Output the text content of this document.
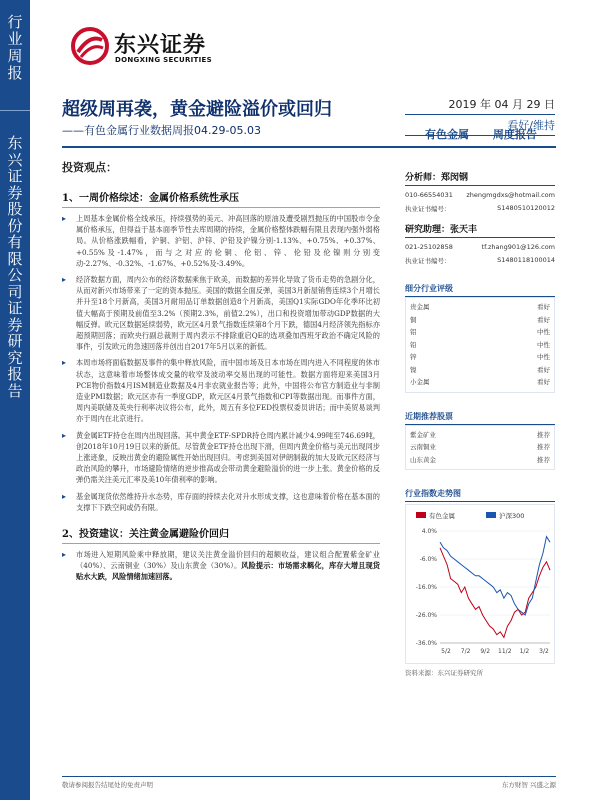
行
业
周
报
东
兴
证
券
股
份
有
限
公
司
证
券
研
究
报
告
东兴证券
DONGXING SECURITIES
超级周再袭，黄金避险溢价或回归
——有色金属行业数据周报04.29-05.03
2019 年 04 月 29 日
看好/维持
有色金属 周度报告
投资观点：
1、一周价格综述：金属价格系统性承压
▸ 上周基本金属价格全线承压，持续强势的美元、冲高回落的原油及遭受剧烈抛压的中国股市令金属价格承压，但得益于基本面季节性去库周期的持续，金属价格整体跌幅有限且表现内强外弱格局。从价格涨跌幅看，沪铜、沪铝、沪锌、沪铅及沪镍分别-1.13%、+0.75%、+0.37%、+0.55%及-1.47%，而与之对应的伦铜、伦铝、锌、伦铅及伦镍则分别变动-2.27%、-0.32%、-1.67%、+0.52%及-3.49%。
▸ 经济数据方面，周内公布的经济数据乘焦于欧美，而数据的差异化导致了货币走势的急剧分化，从而对新兴市场带来了一定的资本抛压。美国的数据全面反弹，美国3月新屋销售连续3个月增长并升至18个月新高，美国3月耐用品订单数据创造8个月新高，美国Q1实际GDO年化季环比初值大幅高于预期及前值至3.2%（预期2.3%，前值2.2%），出口和投资增加带动GDP数据的大幅反弹。欧元区数据延续弱势，欧元区4月景气指数连续第8个月下跌，德国4月经济领先指标亦超预期回落；而欧央行副总裁则于周内表示不排除重启QE的选项叠加西班牙政治不确定风险的事件，引发欧元的急速回落并创出自2017年5月以来的新低。
▸ 本周市场将面临数据及事件的集中释放风险，而中国市场及日本市场在周内进入不同程度的休市状态，这意味着市场整体成交量的收窄及波动率交易出现的可能性。数据方面将迎来美国3月PCE物价指数4月ISM制造业数据及4月非农就业报告等；此外，中国将公布官方制造业与非制造业PMI数据；欧元区亦有一季度GDP，欧元区4月景气指数和CPI等数据出现。而事件方面，周内美联储及英央行利率决议将公布，此外，周五有多位FED投票权委员讲话；而中美贸易谈判亦于周内在北京进行。
▸ 黄金属ETF持仓在周内出现回落。其中黄金ETF-SPDR持仓周内累计减少4.99吨至746.69吨，创2018年10月19日以来的新低。尽管黄金ETF持仓出现下滑，但周内黄金价格与美元出现同步上涨迹象，反映出黄金的避险属性开始出现回归。考虑到美国对伊朗制裁的加大及欧元区经济与政治风险的攀升，市场避险情绪的逆步推高或会带动黄金避险溢价的进一步上张。黄金价格的反弹仍需关注美元汇率及美10年债利率的影响。
▸ 基金属现货依然维持升水态势，库存面的持续去化对升水形成支撑，这也意味着价格在基本面的支撑下下跌空间或仍有限。
2、投资建议：关注黄金属避险价回归
▸ 市场进入短期风险乘中释放期，建议关注黄金溢价回归的超额收益，建议组合配置紫金矿业（40%）、云南铜业（30%）及山东黄金（30%）。风险提示：市场需求羁化，库存大增且现货贴水大跌，风险情绪加速回落。
分析师：郑闵钢
010-66554031 zhengmgdxs@hotmail.com
执业证书编号：	S1480510120012
研究助理：张天丰
021-25102858	tf.zhang901@126.com
执业证书编号：	S1480118100014
细分行业评级
贵金属	看好
铜	看好
铝	中性
铅	中性
锌	中性
镍	看好
小金属	看好
近期推荐股票
紫金矿业	推荐
云南铜业	推荐
山东黄金	推荐
行业指数走势图
有色金属	沪深300
4.0%
-6.0%
-16.0%
-26.0%
-36.0%
5/2 7/2 9/2 11/2 1/2 3/2
资料来源：东兴证券研究所
敬请参阅报告结尾处的免责声明	东方财智 兴盛之源
